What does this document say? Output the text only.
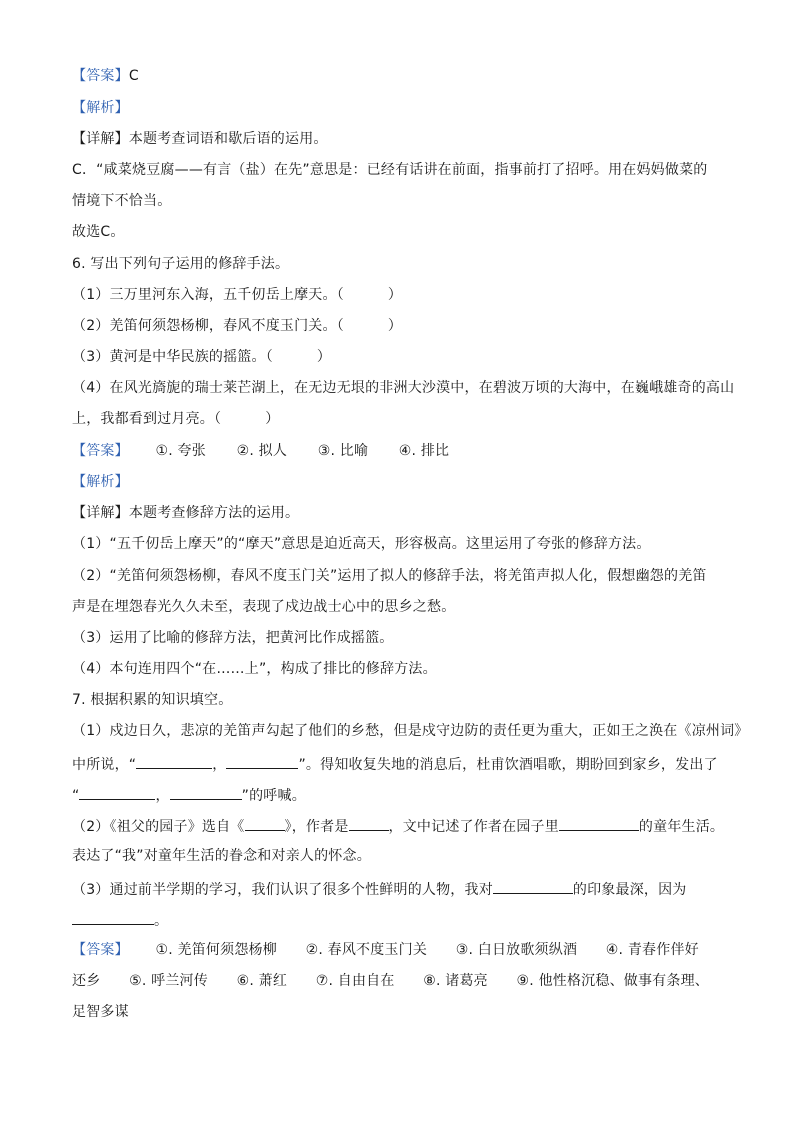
【答案】C
【解析】
【详解】本题考查词语和歇后语的运用。
C．“咸菜烧豆腐——有言（盐）在先”意思是：已经有话讲在前面，指事前打了招呼。用在妈妈做菜的
情境下不恰当。
故选C。
6. 写出下列句子运用的修辞手法。
（1）三万里河东入海，五千仞岳上摩天。（	）
（2）羌笛何须怨杨柳，春风不度玉门关。（	）
（3）黄河是中华民族的摇篮。（	）
（4）在风光旖旎的瑞士莱芒湖上，在无边无垠的非洲大沙漠中，在碧波万顷的大海中，在巍峨雄奇的高山
上，我都看到过月亮。（	）
【答案】 ①. 夸张 ②. 拟人 ③. 比喻 ④. 排比
【解析】
【详解】本题考查修辞方法的运用。
（1）“五千仞岳上摩天”的“摩天”意思是迫近高天，形容极高。这里运用了夸张的修辞方法。
（2）“羌笛何须怨杨柳，春风不度玉门关”运用了拟人的修辞手法，将羌笛声拟人化，假想幽怨的羌笛
声是在埋怨春光久久未至，表现了戍边战士心中的思乡之愁。
（3）运用了比喻的修辞方法，把黄河比作成摇篮。
（4）本句连用四个“在……上”，构成了排比的修辞方法。
7. 根据积累的知识填空。
（1）戍边日久，悲凉的羌笛声勾起了他们的乡愁，但是戍守边防的责任更为重大，正如王之涣在《凉州词》
中所说，“	，	”。得知收复失地的消息后，杜甫饮酒唱歌，期盼回到家乡，发出了
“	，	”的呼喊。
（2）《祖父的园子》选自《	》，作者是	，文中记述了作者在园子里	的童年生活。
表达了“我”对童年生活的眷念和对亲人的怀念。
（3）通过前半学期的学习，我们认识了很多个性鲜明的人物，我对	的印象最深，因为
。
【答案】 ①. 羌笛何须怨杨柳 ②. 春风不度玉门关 ③. 白日放歌须纵酒 ④. 青春作伴好
还乡 ⑤. 呼兰河传 ⑥. 萧红 ⑦. 自由自在 ⑧. 诸葛亮 ⑨. 他性格沉稳、做事有条理、
足智多谋
